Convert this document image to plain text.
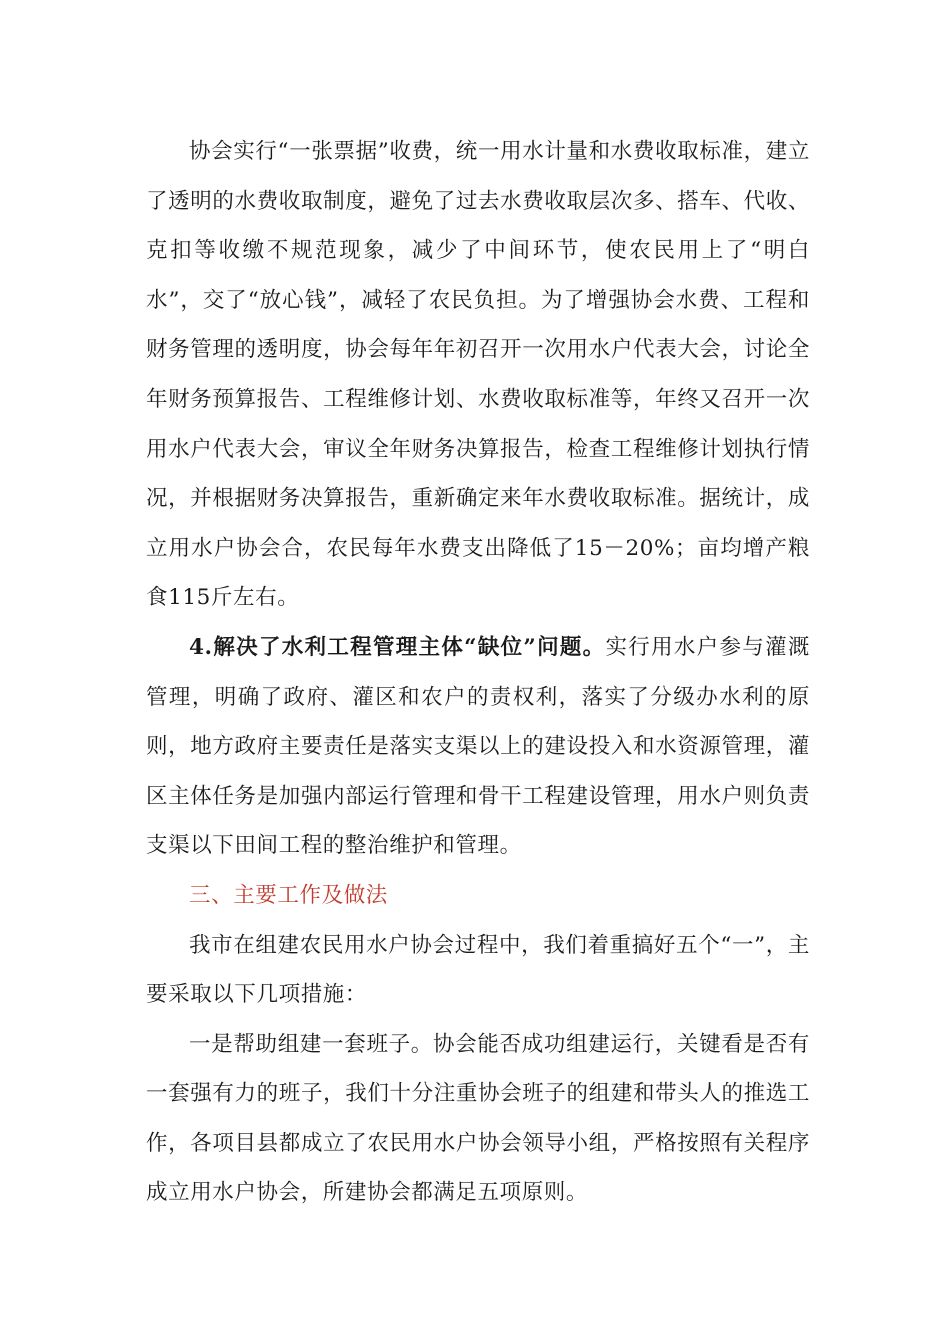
协会实行“一张票据”收费，统一用水计量和水费收取标准，建立了透明的水费收取制度，避免了过去水费收取层次多、搭车、代收、克扣等收缴不规范现象，减少了中间环节，使农民用上了“明白水”，交了“放心钱”，减轻了农民负担。为了增强协会水费、工程和财务管理的透明度，协会每年年初召开一次用水户代表大会，讨论全年财务预算报告、工程维修计划、水费收取标准等，年终又召开一次用水户代表大会，审议全年财务决算报告，检查工程维修计划执行情况，并根据财务决算报告，重新确定来年水费收取标准。据统计，成立用水户协会合，农民每年水费支出降低了15－20%；亩均增产粮食115斤左右。

4.解决了水利工程管理主体“缺位”问题。实行用水户参与灌溉管理，明确了政府、灌区和农户的责权利，落实了分级办水利的原则，地方政府主要责任是落实支渠以上的建设投入和水资源管理，灌区主体任务是加强内部运行管理和骨干工程建设管理，用水户则负责支渠以下田间工程的整治维护和管理。

三、主要工作及做法

我市在组建农民用水户协会过程中，我们着重搞好五个“一”，主要采取以下几项措施：

一是帮助组建一套班子。协会能否成功组建运行，关键看是否有一套强有力的班子，我们十分注重协会班子的组建和带头人的推选工作，各项目县都成立了农民用水户协会领导小组，严格按照有关程序成立用水户协会，所建协会都满足五项原则。
